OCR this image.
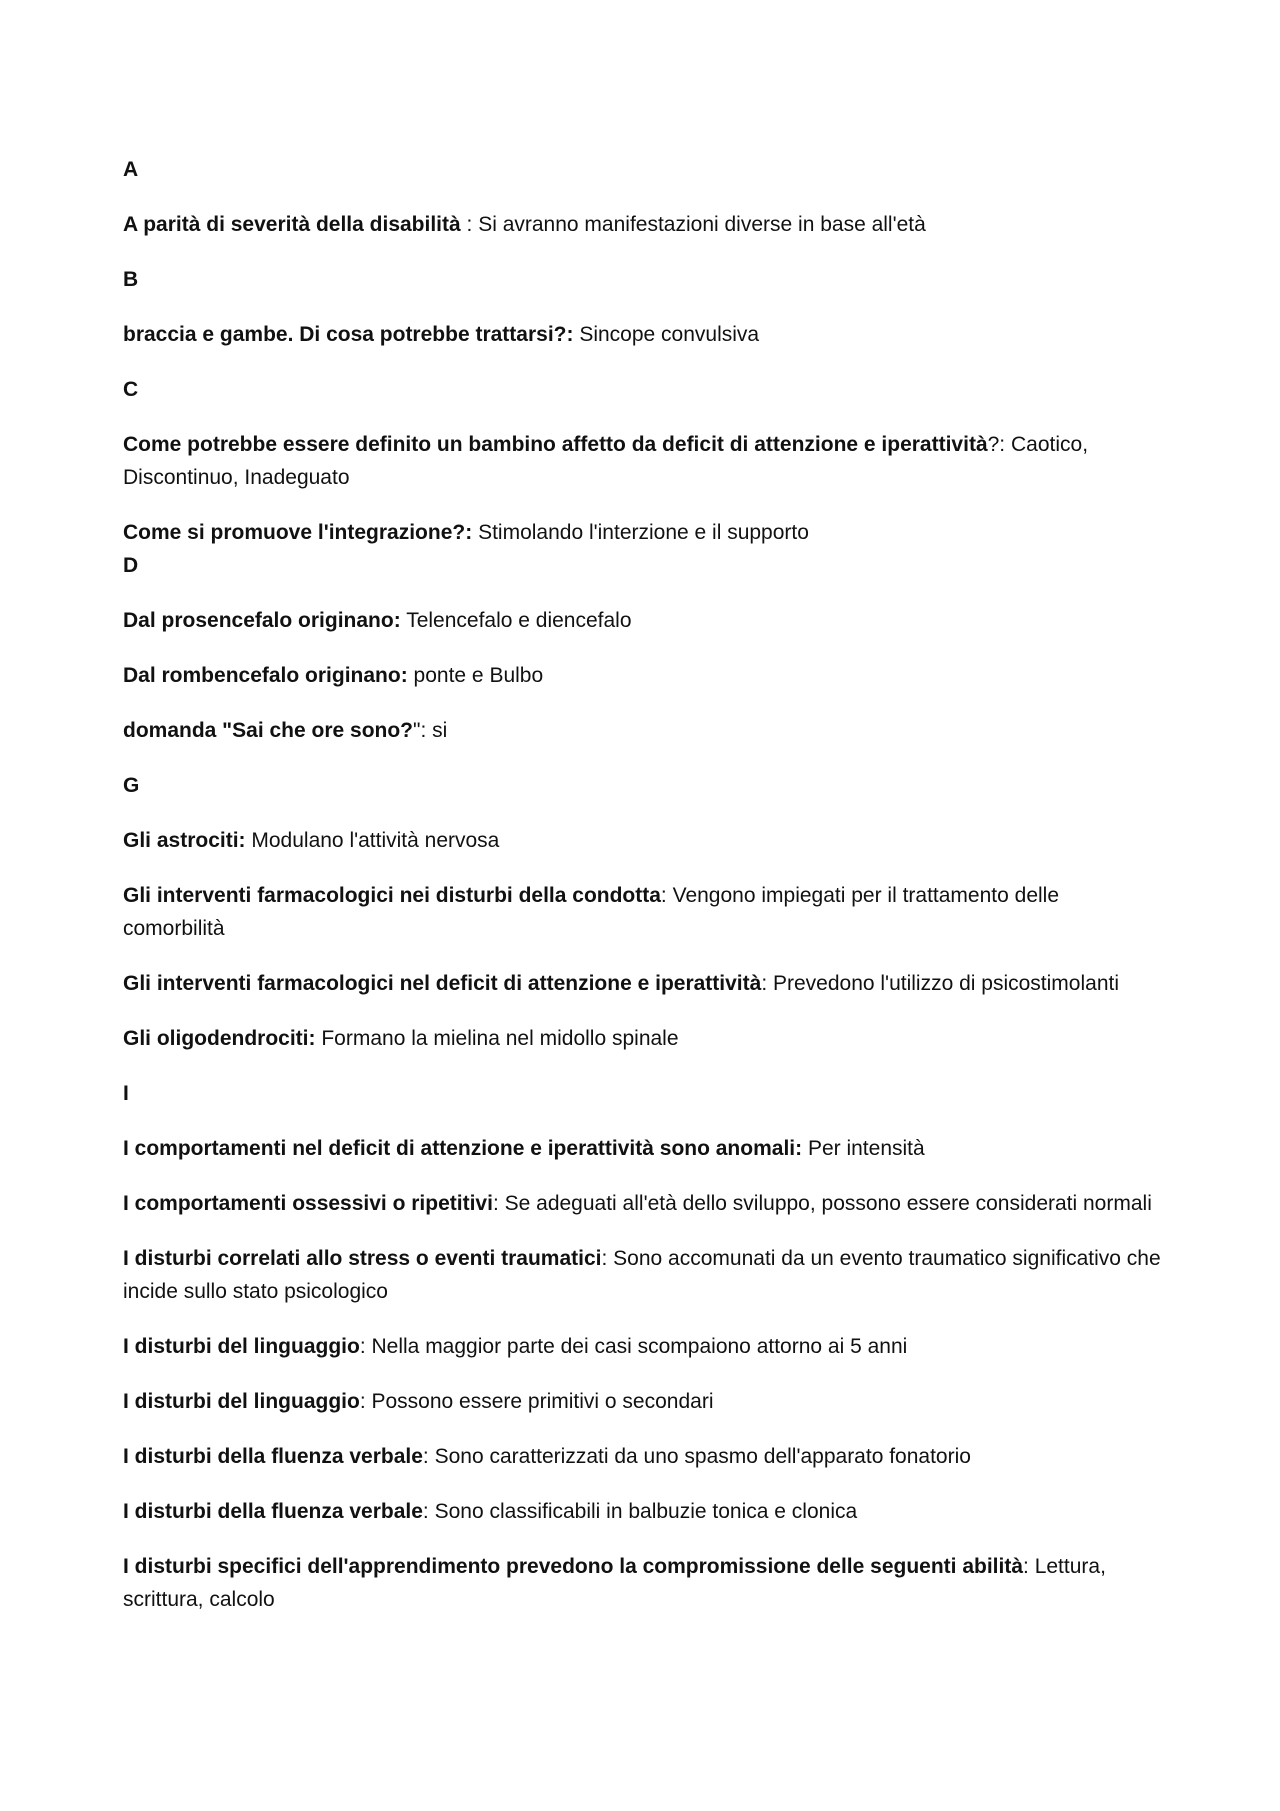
A

A parità di severità della disabilità : Si avranno manifestazioni diverse in base all'età

B

braccia e gambe. Di cosa potrebbe trattarsi?: Sincope convulsiva

C

Come potrebbe essere definito un bambino affetto da deficit di attenzione e iperattività?: Caotico, Discontinuo, Inadeguato

Come si promuove l'integrazione?: Stimolando l'interzione e il supporto

D

Dal prosencefalo originano: Telencefalo e diencefalo

Dal rombencefalo originano: ponte e Bulbo

domanda "Sai che ore sono?": si

G

Gli astrociti: Modulano l'attività nervosa

Gli interventi farmacologici nei disturbi della condotta: Vengono impiegati per il trattamento delle comorbilità

Gli interventi farmacologici nel deficit di attenzione e iperattività: Prevedono l'utilizzo di psicostimolanti

Gli oligodendrociti: Formano la mielina nel midollo spinale

I

I comportamenti nel deficit di attenzione e iperattività sono anomali: Per intensità

I comportamenti ossessivi o ripetitivi: Se adeguati all'età dello sviluppo, possono essere considerati normali

I disturbi correlati allo stress o eventi traumatici: Sono accomunati da un evento traumatico significativo che incide sullo stato psicologico

I disturbi del linguaggio: Nella maggior parte dei casi scompaiono attorno ai 5 anni

I disturbi del linguaggio: Possono essere primitivi o secondari

I disturbi della fluenza verbale: Sono caratterizzati da uno spasmo dell'apparato fonatorio

I disturbi della fluenza verbale: Sono classificabili in balbuzie tonica e clonica

I disturbi specifici dell'apprendimento prevedono la compromissione delle seguenti abilità: Lettura, scrittura, calcolo
